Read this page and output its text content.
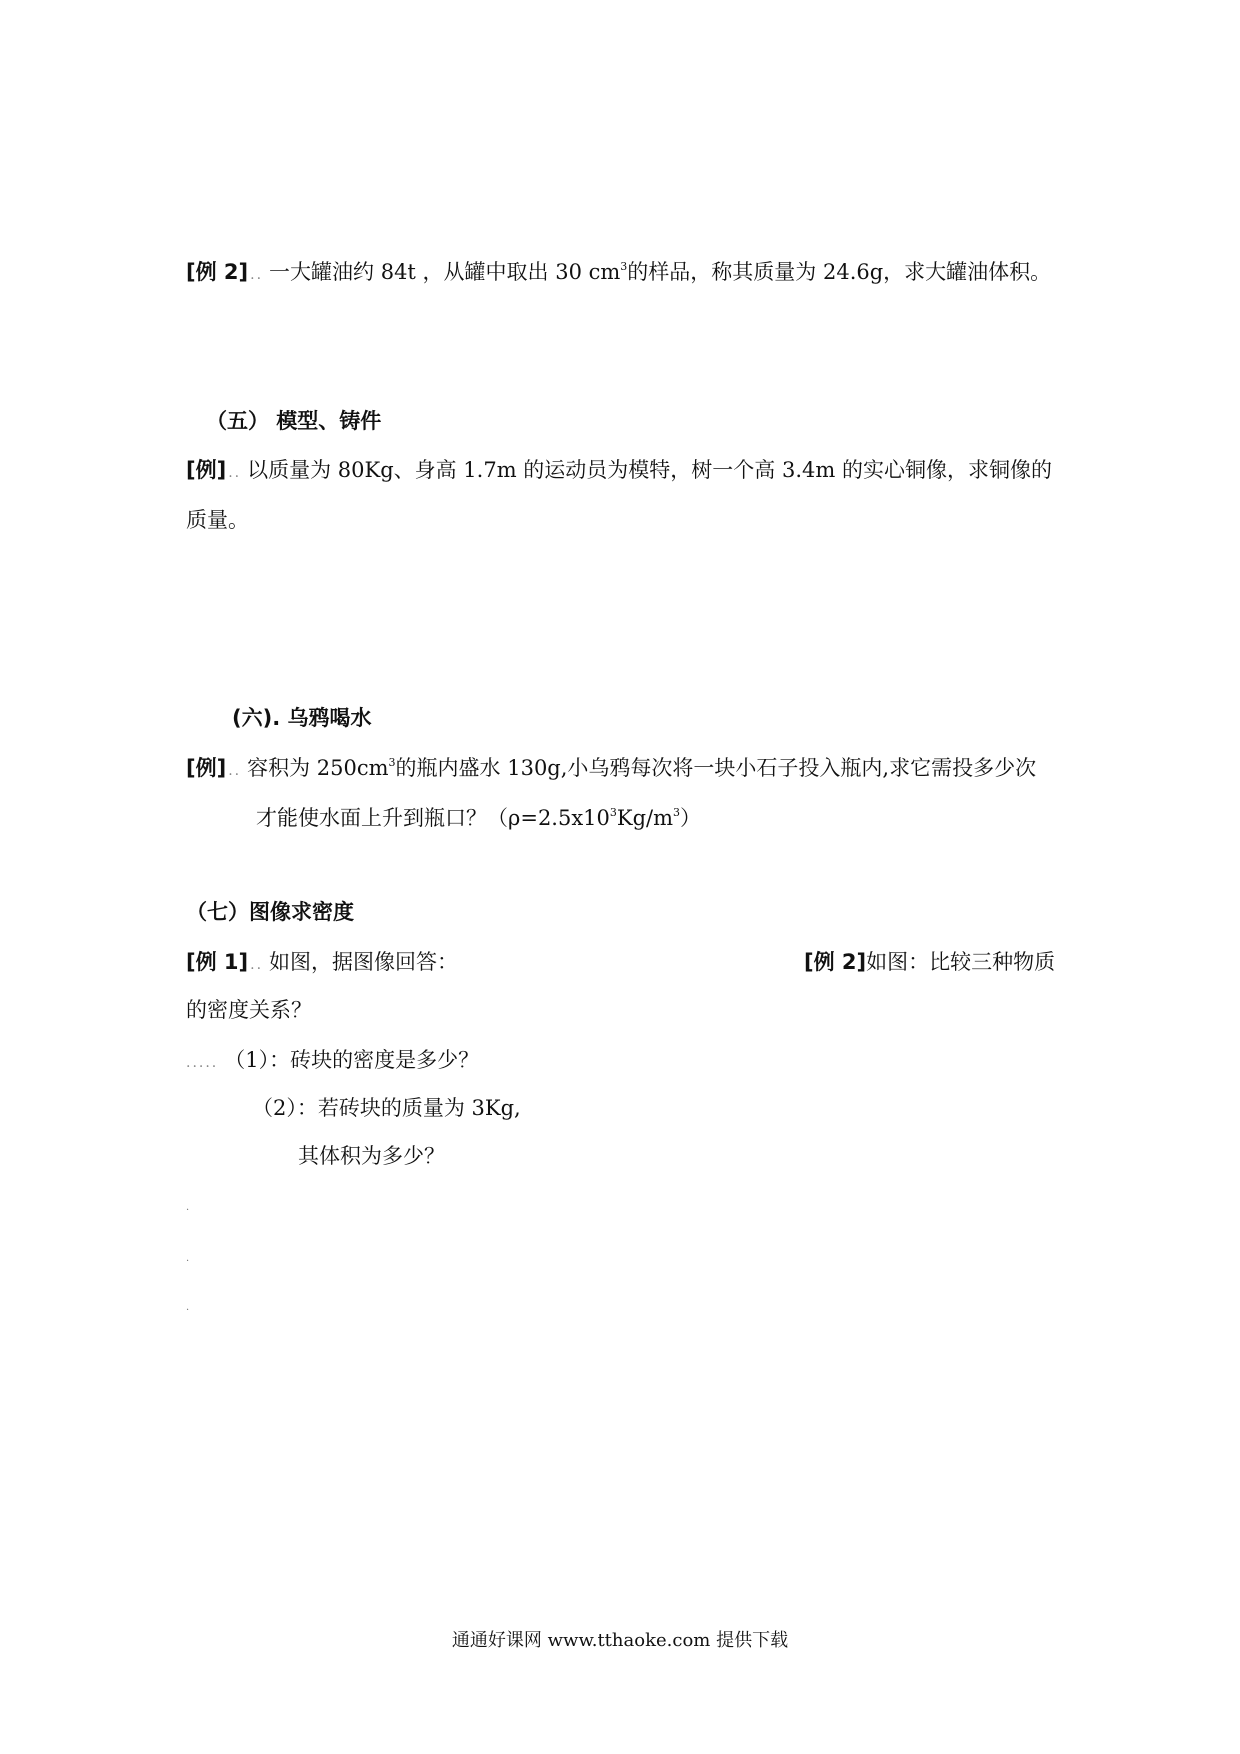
[例 2] .. 一大罐油约 84t ，从罐中取出 30 $cm^3$的样品，称其质量为 24.6g，求大罐油体积。
（五） 模型、铸件
[例] .. 以质量为 80Kg、身高 1.7m 的运动员为模特，树一个高 3.4m 的实心铜像，求铜像的
质量。
(六). 乌鸦喝水
[例] .. 容积为 $250cm^3$的瓶内盛水 130g,小乌鸦每次将一块小石子投入瓶内,求它需投多少次
才能使水面上升到瓶口？$(\rho=2.5x10^3Kg/m^3)$
（七）图像求密度
[例 1] .. 如图，据图像回答：	[例 2]如图：比较三种物质
的密度关系？
..... （1）：砖块的密度是多少？
（2）：若砖块的质量为 3Kg,
其体积为多少？
·
·
·
通通好课网 www.tthaoke.com 提供下载
